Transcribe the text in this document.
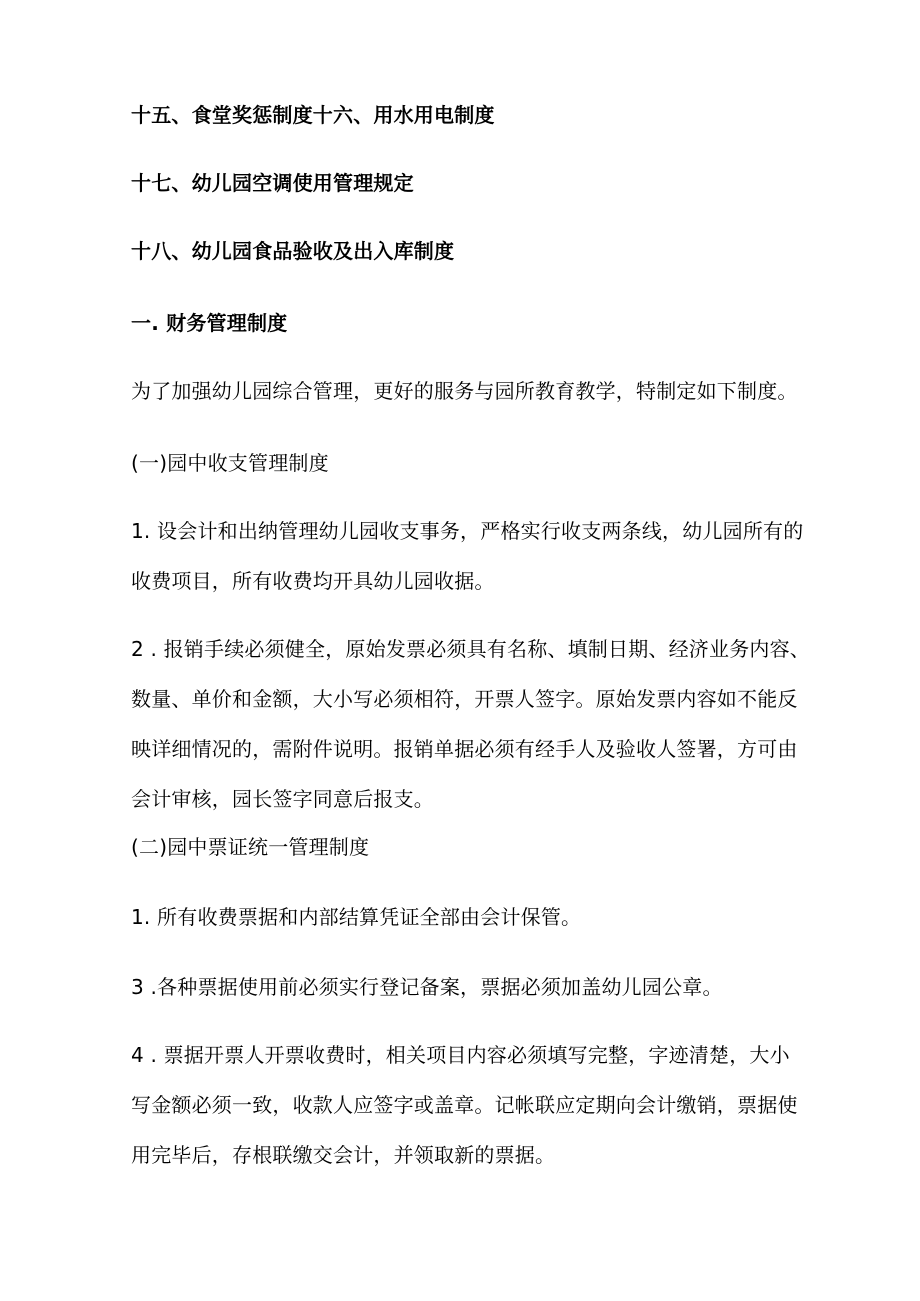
十五、食堂奖惩制度十六、用水用电制度

十七、幼儿园空调使用管理规定

十八、幼儿园食品验收及出入库制度

一. 财务管理制度

为了加强幼儿园综合管理，更好的服务与园所教育教学，特制定如下制度。

(一)园中收支管理制度

1. 设会计和出纳管理幼儿园收支事务，严格实行收支两条线，幼儿园所有的
收费项目，所有收费均开具幼儿园收据。
2 . 报销手续必须健全，原始发票必须具有名称、填制日期、经济业务内容、
数量、单价和金额，大小写必须相符，开票人签字。原始发票内容如不能反
映详细情况的，需附件说明。报销单据必须有经手人及验收人签署，方可由
会计审核，园长签字同意后报支。

(二)园中票证统一管理制度

1. 所有收费票据和内部结算凭证全部由会计保管。

3 .各种票据使用前必须实行登记备案，票据必须加盖幼儿园公章。

4 . 票据开票人开票收费时，相关项目内容必须填写完整，字迹清楚，大小
写金额必须一致，收款人应签字或盖章。记帐联应定期向会计缴销，票据使
用完毕后，存根联缴交会计，并领取新的票据。
